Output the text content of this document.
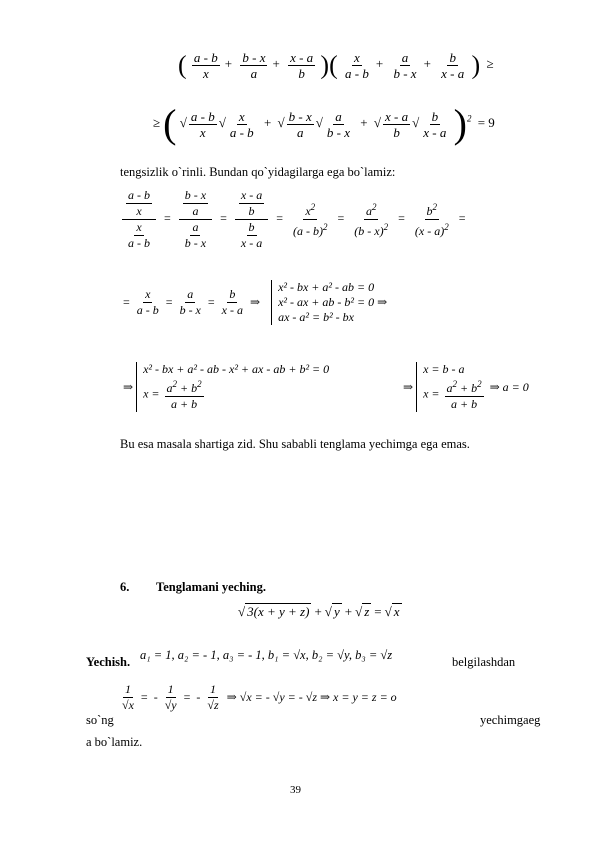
( $\frac{a - b}{x} + \frac{b - x}{a} + \frac{x - a}{b}$ )( $\frac{x}{a - b} + \frac{a}{b - x} + \frac{b}{x - a}$ ) ≥
≥( √ $\frac{a - b}{x}$ √ $\frac{x}{a - b}$ + √ $\frac{b - x}{a}$ √ $\frac{a}{b - x}$ + √ $\frac{x - a}{b}$ √ $\frac{b}{x - a} )^2 = 9$
tengsizlik o`rinli. Bundan qo`yidagilarga ega bo`lamiz:
$\frac{\frac{a - b}{x}}{\frac{x}{a - b}} = \frac{\frac{b - x}{a}}{\frac{a}{b - x}} = \frac{\frac{x - a}{b}}{\frac{b}{x - a}} = \frac{x^2}{(a - b)^2} = \frac{a^2}{(b - x)^2} = \frac{b^2}{(x - a)^2}$ =
= $\frac{x}{a - b} = \frac{a}{b - x} = \frac{b}{x - a}$ ⇒
x² - bx + a² - ab = 0
x² - ax + ab - b² = 0 ⇒
ax - a² = b² - bx
⇒
x² - bx + a² - ab - x² + ax - ab + b² = 0
$x = \frac{a^2 + b^2}{a + b}$	⇒
x = b - a
$x = \frac{a^2 + b^2}{a + b}$ ⇒ a = 0
Bu esa masala shartiga zid. Shu sababli tenglama yechimga ega emas.
6. Tenglamani yeching.
√ 3(x + y + z) + √ y + √ z = √ x
Yechish. a₁ = 1, a₂ = - 1, a₃ = - 1, b₁ = √x, b₂ = √y, b₃ = √z	belgilashdan
$\frac{1}{√x}$ = - $\frac{1}{√y}$ = - $\frac{1}{√z}$ ⇒ √x = - √y = - √z ⇒ x = y = z = o
so`ng	yechimgaeg
a bo`lamiz.
39
